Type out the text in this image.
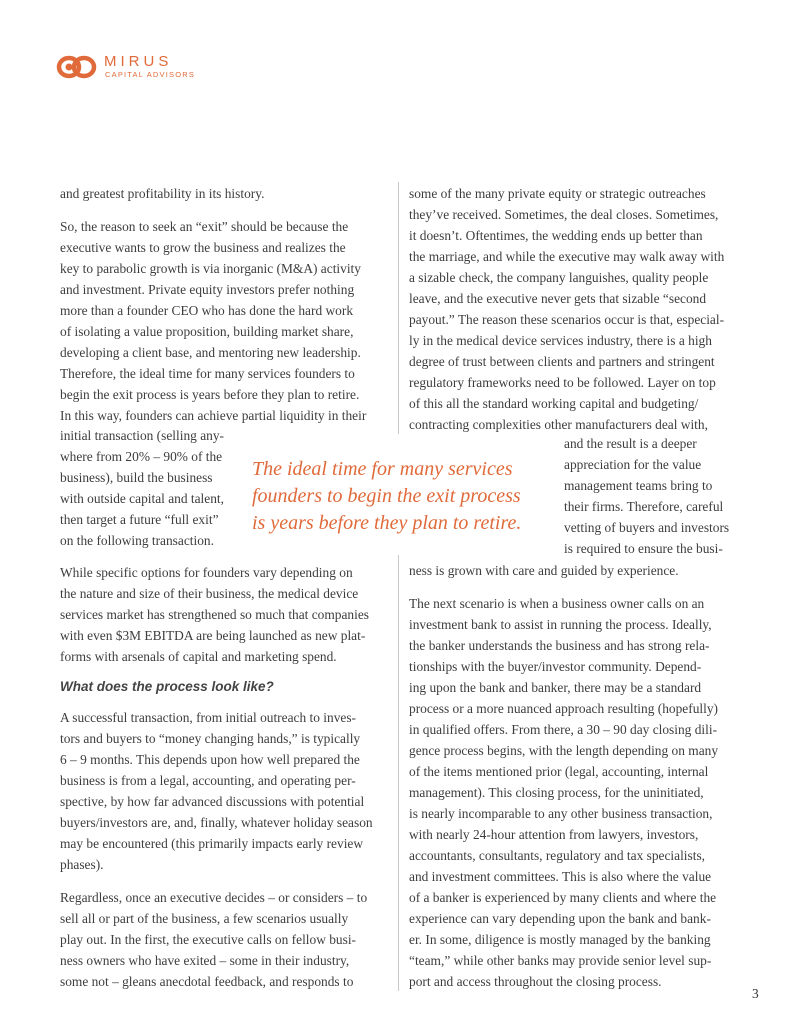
MIRUS
CAPITAL ADVISORS

and greatest profitability in its history.

So, the reason to seek an “exit” should be because the
executive wants to grow the business and realizes the
key to parabolic growth is via inorganic (M&A) activity
and investment. Private equity investors prefer nothing
more than a founder CEO who has done the hard work
of isolating a value proposition, building market share,
developing a client base, and mentoring new leadership.
Therefore, the ideal time for many services founders to
begin the exit process is years before they plan to retire.
In this way, founders can achieve partial liquidity in their

initial transaction (selling any-
where from 20% – 90% of the
business), build the business
with outside capital and talent,
then target a future “full exit”
on the following transaction.
The ideal time for many services
founders to begin the exit process
is years before they plan to retire.

While specific options for founders vary depending on
the nature and size of their business, the medical device
services market has strengthened so much that companies
with even $3M EBITDA are being launched as new plat-
forms with arsenals of capital and marketing spend.

What does the process look like?

A successful transaction, from initial outreach to inves-
tors and buyers to “money changing hands,” is typically
6 – 9 months. This depends upon how well prepared the
business is from a legal, accounting, and operating per-
spective, by how far advanced discussions with potential
buyers/investors are, and, finally, whatever holiday season
may be encountered (this primarily impacts early review
phases).

Regardless, once an executive decides – or considers – to
sell all or part of the business, a few scenarios usually
play out. In the first, the executive calls on fellow busi-
ness owners who have exited – some in their industry,
some not – gleans anecdotal feedback, and responds to

some of the many private equity or strategic outreaches
they’ve received. Sometimes, the deal closes. Sometimes,
it doesn’t. Oftentimes, the wedding ends up better than
the marriage, and while the executive may walk away with
a sizable check, the company languishes, quality people
leave, and the executive never gets that sizable “second
payout.” The reason these scenarios occur is that, especial-
ly in the medical device services industry, there is a high
degree of trust between clients and partners and stringent
regulatory frameworks need to be followed. Layer on top
of this all the standard working capital and budgeting/
contracting complexities other manufacturers deal with,

and the result is a deeper
appreciation for the value
management teams bring to
their firms. Therefore, careful
vetting of buyers and investors
is required to ensure the busi-

ness is grown with care and guided by experience.

The next scenario is when a business owner calls on an
investment bank to assist in running the process. Ideally,
the banker understands the business and has strong rela-
tionships with the buyer/investor community. Depend-
ing upon the bank and banker, there may be a standard
process or a more nuanced approach resulting (hopefully)
in qualified offers. From there, a 30 – 90 day closing dili-
gence process begins, with the length depending on many
of the items mentioned prior (legal, accounting, internal
management). This closing process, for the uninitiated,
is nearly incomparable to any other business transaction,
with nearly 24-hour attention from lawyers, investors,
accountants, consultants, regulatory and tax specialists,
and investment committees. This is also where the value
of a banker is experienced by many clients and where the
experience can vary depending upon the bank and bank-
er. In some, diligence is mostly managed by the banking
“team,” while other banks may provide senior level sup-
port and access throughout the closing process.

3
